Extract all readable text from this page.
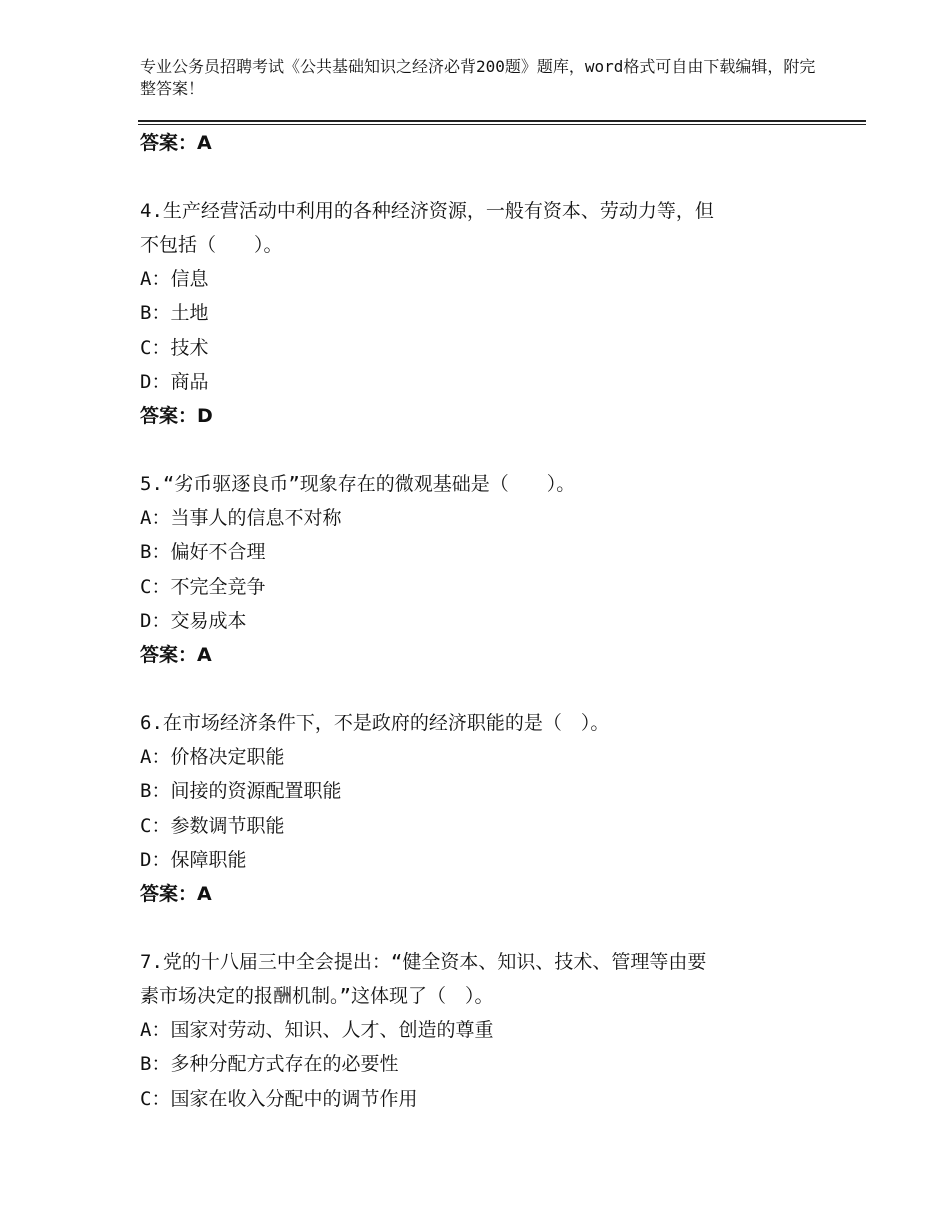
专业公务员招聘考试《公共基础知识之经济必背200题》题库，word格式可自由下载编辑，附完整答案！
答案：A
4.生产经营活动中利用的各种经济资源，一般有资本、劳动力等，但
不包括（　　）。
A：信息
B：土地
C：技术
D：商品
答案：D
5.“劣币驱逐良币”现象存在的微观基础是（　　）。
A：当事人的信息不对称
B：偏好不合理
C：不完全竞争
D：交易成本
答案：A
6.在市场经济条件下，不是政府的经济职能的是（　）。
A：价格决定职能
B：间接的资源配置职能
C：参数调节职能
D：保障职能
答案：A
7.党的十八届三中全会提出：“健全资本、知识、技术、管理等由要
素市场决定的报酬机制。”这体现了（　）。
A：国家对劳动、知识、人才、创造的尊重
B：多种分配方式存在的必要性
C：国家在收入分配中的调节作用
